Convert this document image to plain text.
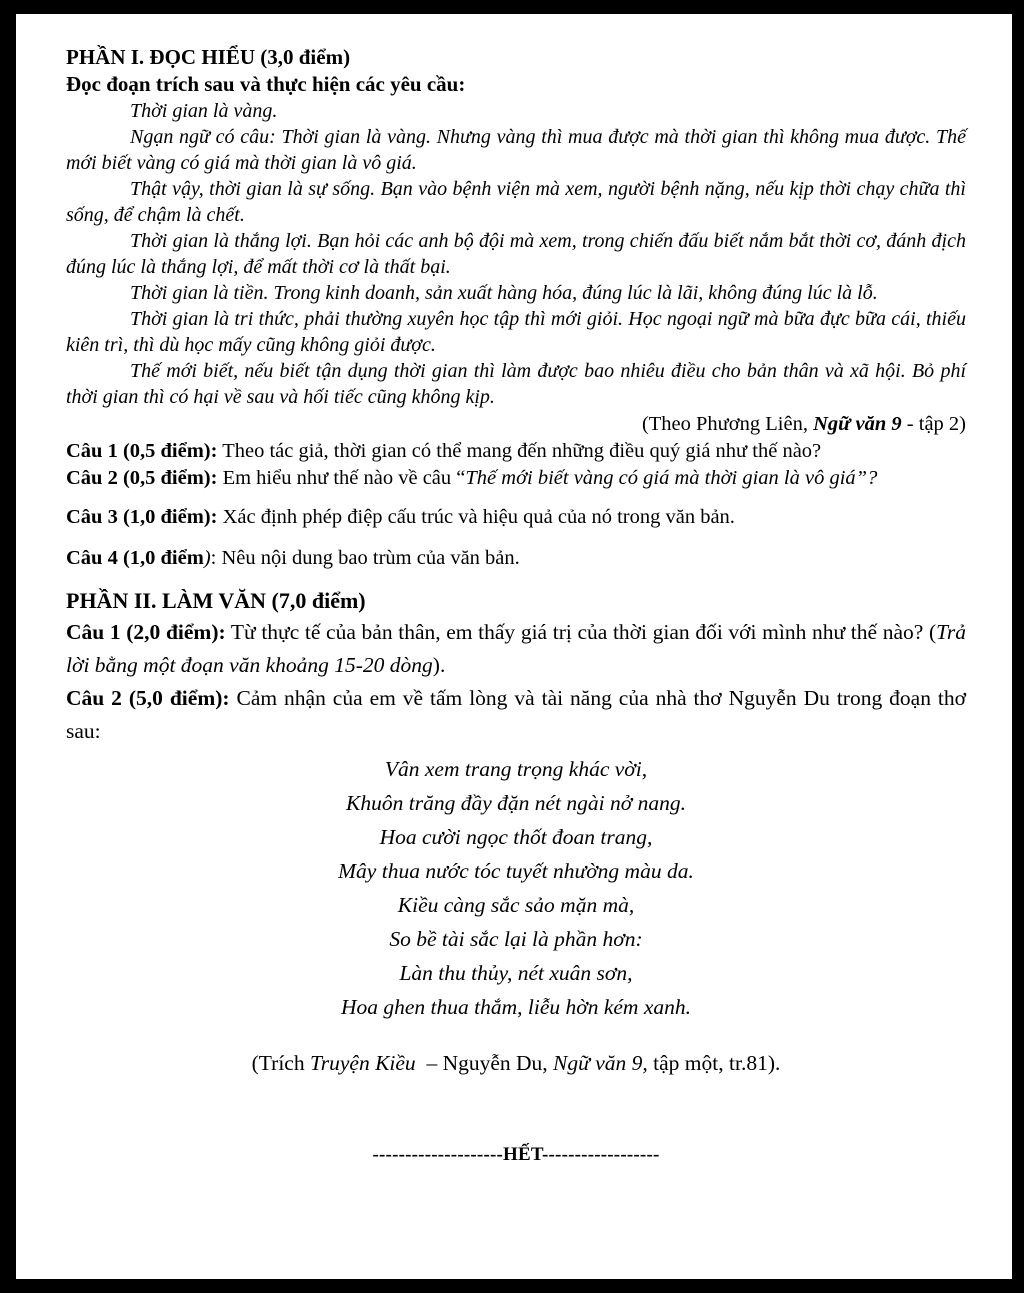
PHẦN I. ĐỌC HIỂU (3,0 điểm)
Đọc đoạn trích sau và thực hiện các yêu cầu:

Thời gian là vàng.

Ngạn ngữ có câu: Thời gian là vàng. Nhưng vàng thì mua được mà thời gian thì không mua được. Thế mới biết vàng có giá mà thời gian là vô giá.

Thật vậy, thời gian là sự sống. Bạn vào bệnh viện mà xem, người bệnh nặng, nếu kịp thời chạy chữa thì sống, để chậm là chết.

Thời gian là thắng lợi. Bạn hỏi các anh bộ đội mà xem, trong chiến đấu biết nắm bắt thời cơ, đánh địch đúng lúc là thắng lợi, để mất thời cơ là thất bại.

Thời gian là tiền. Trong kinh doanh, sản xuất hàng hóa, đúng lúc là lãi, không đúng lúc là lỗ.

Thời gian là tri thức, phải thường xuyên học tập thì mới giỏi. Học ngoại ngữ mà bữa đực bữa cái, thiếu kiên trì, thì dù học mấy cũng không giỏi được.

Thế mới biết, nếu biết tận dụng thời gian thì làm được bao nhiêu điều cho bản thân và xã hội. Bỏ phí thời gian thì có hại về sau và hối tiếc cũng không kịp.

(Theo Phương Liên, Ngữ văn 9 - tập 2)
Câu 1 (0,5 điểm): Theo tác giả, thời gian có thể mang đến những điều quý giá như thế nào?
Câu 2 (0,5 điểm): Em hiểu như thế nào về câu “Thế mới biết vàng có giá mà thời gian là vô giá”?
Câu 3 (1,0 điểm): Xác định phép điệp cấu trúc và hiệu quả của nó trong văn bản.
Câu 4 (1,0 điểm): Nêu nội dung bao trùm của văn bản.
PHẦN II. LÀM VĂN (7,0 điểm)
Câu 1 (2,0 điểm): Từ thực tế của bản thân, em thấy giá trị của thời gian đối với mình như thế nào? (Trả lời bằng một đoạn văn khoảng 15-20 dòng).
Câu 2 (5,0 điểm): Cảm nhận của em về tấm lòng và tài năng của nhà thơ Nguyễn Du trong đoạn thơ sau:
Vân xem trang trọng khác vời,
Khuôn trăng đầy đặn nét ngài nở nang.
Hoa cười ngọc thốt đoan trang,
Mây thua nước tóc tuyết nhường màu da.
Kiều càng sắc sảo mặn mà,
So bề tài sắc lại là phần hơn:
Làn thu thủy, nét xuân sơn,
Hoa ghen thua thắm, liễu hờn kém xanh.
(Trích Truyện Kiều  – Nguyễn Du, Ngữ văn 9, tập một, tr.81).
--------------------HẾT------------------
